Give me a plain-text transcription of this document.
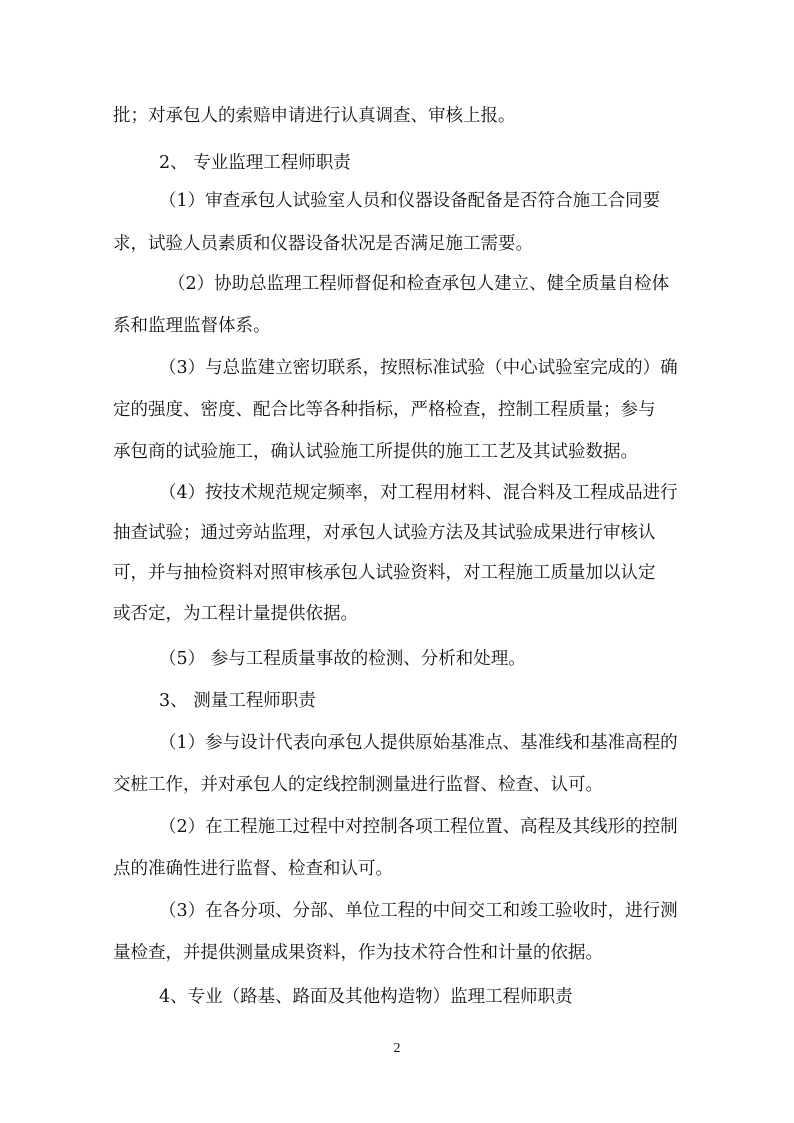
批；对承包人的索赔申请进行认真调查、审核上报。
2、 专业监理工程师职责
（1）审查承包人试验室人员和仪器设备配备是否符合施工合同要
求，试验人员素质和仪器设备状况是否满足施工需要。
（2）协助总监理工程师督促和检查承包人建立、健全质量自检体
系和监理监督体系。
（3）与总监建立密切联系，按照标准试验（中心试验室完成的）确
定的强度、密度、配合比等各种指标，严格检查，控制工程质量；参与
承包商的试验施工，确认试验施工所提供的施工工艺及其试验数据。
（4）按技术规范规定频率，对工程用材料、混合料及工程成品进行
抽查试验；通过旁站监理，对承包人试验方法及其试验成果进行审核认
可，并与抽检资料对照审核承包人试验资料，对工程施工质量加以认定
或否定，为工程计量提供依据。
（5） 参与工程质量事故的检测、分析和处理。
3、 测量工程师职责
（1）参与设计代表向承包人提供原始基准点、基准线和基准高程的
交桩工作，并对承包人的定线控制测量进行监督、检查、认可。
（2）在工程施工过程中对控制各项工程位置、高程及其线形的控制
点的准确性进行监督、检查和认可。
（3）在各分项、分部、单位工程的中间交工和竣工验收时，进行测
量检查，并提供测量成果资料，作为技术符合性和计量的依据。
4、专业（路基、路面及其他构造物）监理工程师职责
2
